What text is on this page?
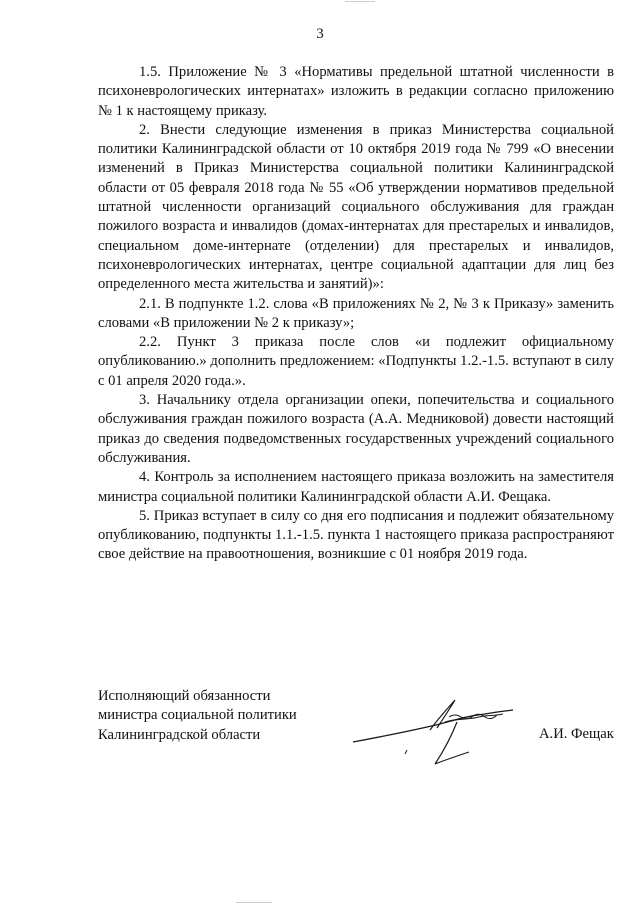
3

1.5. Приложение № 3 «Нормативы предельной штатной численности в психоневрологических интернатах» изложить в редакции согласно приложению № 1 к настоящему приказу.

2. Внести следующие изменения в приказ Министерства социальной политики Калининградской области от 10 октября 2019 года № 799 «О внесении изменений в Приказ Министерства социальной политики Калининградской области от 05 февраля 2018 года № 55 «Об утверждении нормативов предельной штатной численности организаций социального обслуживания для граждан пожилого возраста и инвалидов (домах-интернатах для престарелых и инвалидов, специальном доме-интернате (отделении) для престарелых и инвалидов, психоневрологических интернатах, центре социальной адаптации для лиц без определенного места жительства и занятий)»:

2.1. В подпункте 1.2. слова «В приложениях № 2, № 3 к Приказу» заменить словами «В приложении № 2 к приказу»;

2.2. Пункт 3 приказа после слов «и подлежит официальному опубликованию.» дополнить предложением: «Подпункты 1.2.-1.5. вступают в силу с 01 апреля 2020 года.».

3. Начальнику отдела организации опеки, попечительства и социального обслуживания граждан пожилого возраста (А.А. Медниковой) довести настоящий приказ до сведения подведомственных государственных учреждений социального обслуживания.

4. Контроль за исполнением настоящего приказа возложить на заместителя министра социальной политики Калининградской области А.И. Фещака.

5. Приказ вступает в силу со дня его подписания и подлежит обязательному опубликованию, подпункты 1.1.-1.5. пункта 1 настоящего приказа распространяют свое действие на правоотношения, возникшие с 01 ноября 2019 года.

Исполняющий обязанности
министра социальной политики
Калининградской области	А.И. Фещак
